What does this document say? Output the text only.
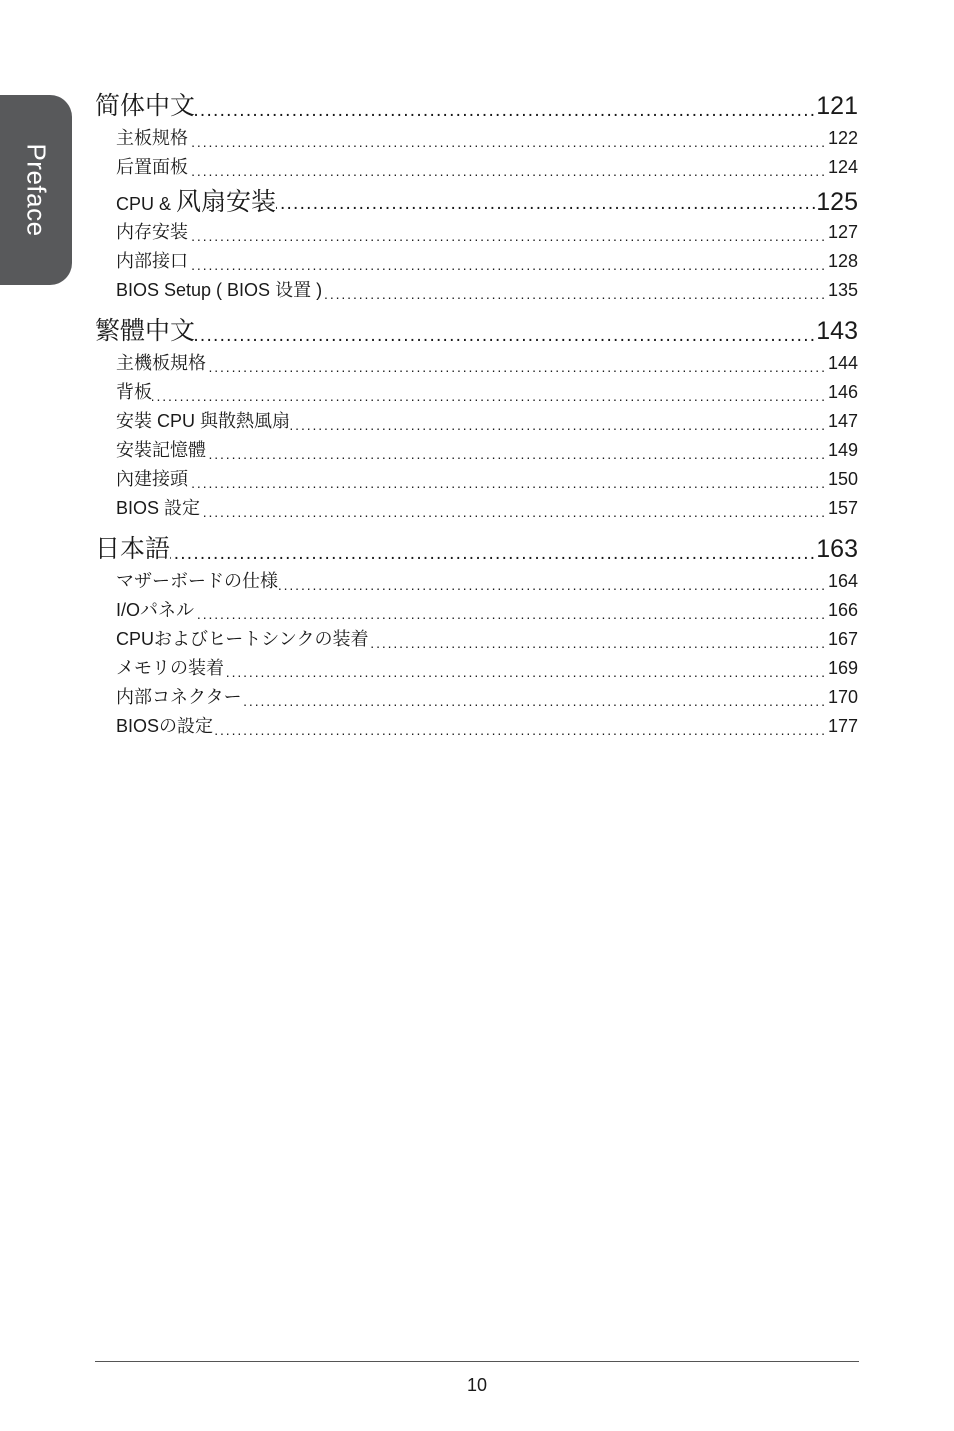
Preface
简体中文	121
. . .
主板规格	122
. . .
后置面板	124
. . .
CPU & 风扇安装	125
. . .
内存安装	127
. . .
内部接口	128
. . .
BIOS Setup ( BIOS 设置 )	135
. . .
繁體中文	143
. . .
主機板規格	144
. . .
背板	146
. . .
安裝 CPU 與散熱風扇	147
. . .
安裝記憶體	149
. . .
內建接頭	150
. . .
BIOS 設定	157
. . .
日本語	163
. . .
マザーボードの仕様	164
. . .
I/Oパネル	166
. . .
CPUおよびヒートシンクの装着	167
. . .
メモリの装着	169
. . .
内部コネクター	170
. . .
BIOSの設定	177
. . .
10
